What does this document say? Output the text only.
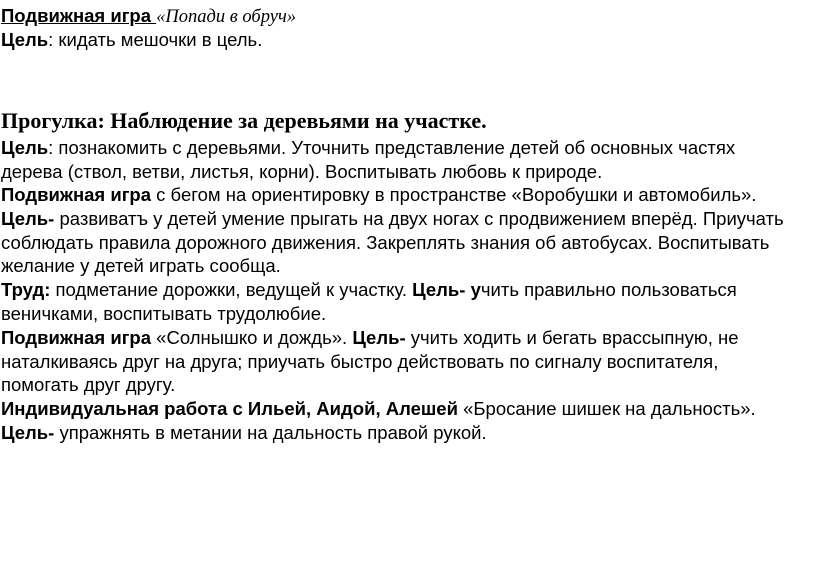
Подвижная игра «Попади в обруч»
Цель: кидать мешочки в цель.
Прогулка: Наблюдение за деревьями на участке.
Цель: познакомить с деревьями. Уточнить представление детей об основных частях
дерева (ствол, ветви, листья, корни). Воспитывать любовь к природе.
Подвижная игра с бегом на ориентировку в пространстве «Воробушки и автомобиль».
Цель- развиватъ у детей умение прыгать на двух ногах с продвижением вперёд. Приучать
соблюдать правила дорожного движения. Закреплять знания об автобусах. Воспитывать
желание у детей играть сообща.
Труд: подметание дорожки, ведущей к участку. Цель- учить правильно пользоваться
веничками, воспитывать трудолюбие.
Подвижная игра «Солнышко и дождь». Цель- учить ходить и бегать врассыпную, не
наталкиваясь друг на друга; приучать быстро действовать по сигналу воспитателя,
помогать друг другу.
Индивидуальная работа с Ильей, Аидой, Алешей «Бросание шишек на дальность».
Цель- упражнять в метании на дальность правой рукой.
